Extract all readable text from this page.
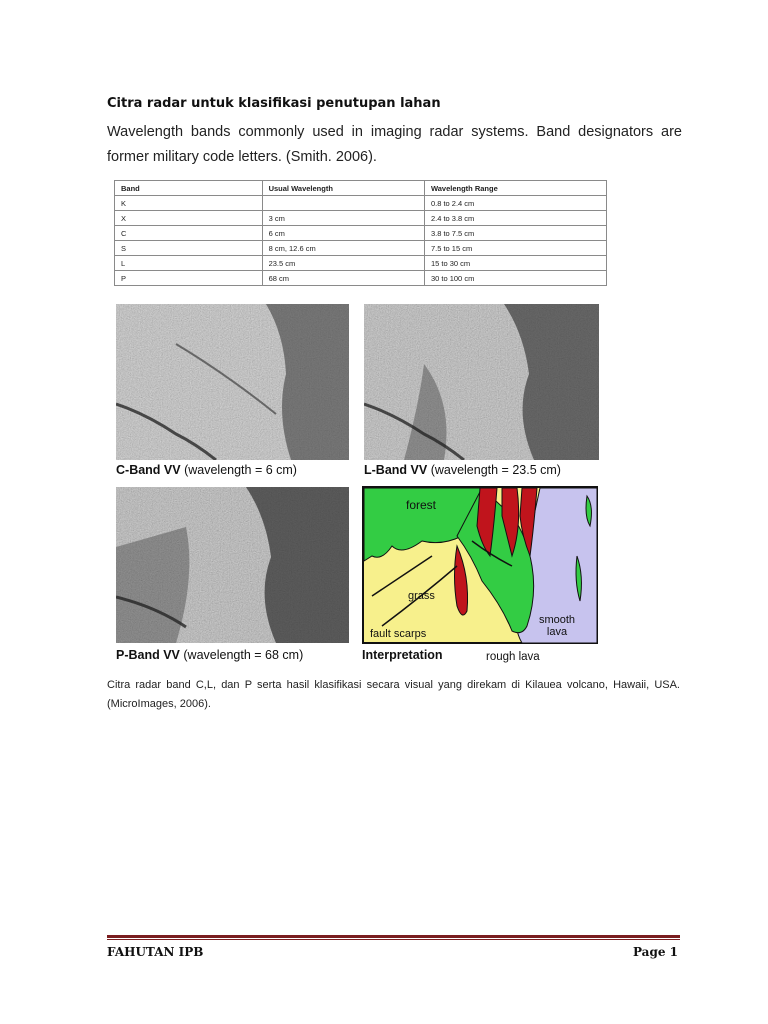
Citra radar untuk klasifikasi penutupan lahan
Wavelength bands commonly used in imaging radar systems. Band designators are former military code letters. (Smith. 2006).
Band	Usual Wavelength	Wavelength Range
K		0.8 to 2.4 cm
X	3 cm	2.4 to 3.8 cm
C	6 cm	3.8 to 7.5 cm
S	8 cm, 12.6 cm	7.5 to 15 cm
L	23.5 cm	15 to 30 cm
P	68 cm	30 to 100 cm
C-Band VV (wavelength = 6 cm)	L-Band VV (wavelength = 23.5 cm)
P-Band VV (wavelength = 68 cm)
forest
grass
fault scarps
smooth lava
Interpretation	rough lava
Citra radar band C,L, dan P serta hasil klasifikasi secara visual yang direkam di Kilauea volcano, Hawaii, USA.(MicroImages, 2006).
FAHUTAN IPB	Page 1
